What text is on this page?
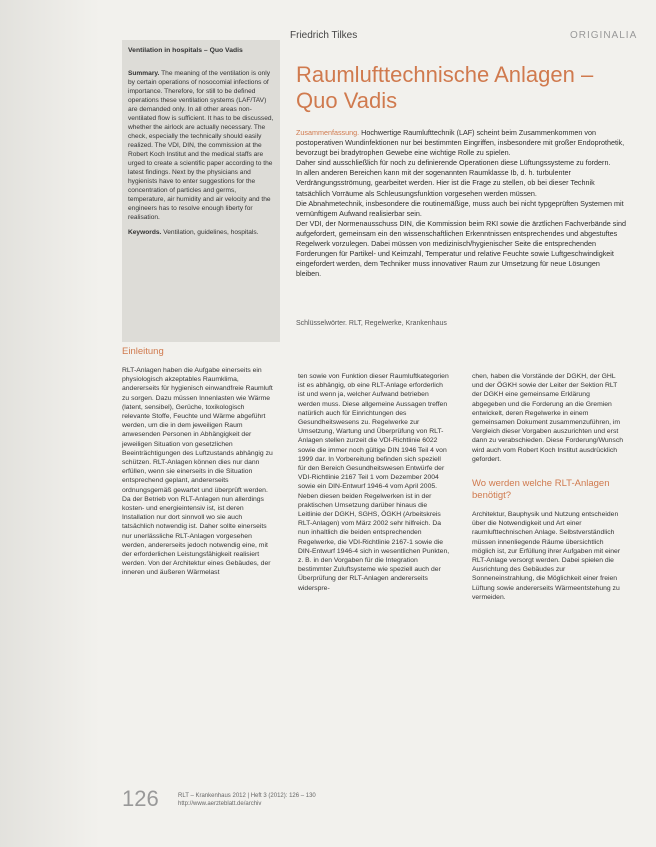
Friedrich Tilkes	ORIGINALIA
Ventilation in hospitals – Quo Vadis

Summary. The meaning of the ventilation is only by certain operations of nosocomial infections of importance. Therefore, for still to be defined operations these ventilation systems (LAF/TAV) are demanded only. In all other areas non-ventilated flow is sufficient. It has to be discussed, whether the airlock are actually necessary. The check, especially the technically should easily realized. The VDI, DIN, the commission at the Robert Koch Institut and the medical staffs are urged to create a scientific paper according to the latest findings. Next by the physicians and hygienists have to enter suggestions for the concentration of particles and germs, temperature, air humidity and air velocity and the engineers has to resolve enough liberty for realisation.

Keywords. Ventilation, guidelines, hospitals.

Raumlufttechnische Anlagen –
Quo Vadis

Zusammenfassung. Hochwertige Raumlufttechnik (LAF) scheint beim Zusammenkommen von postoperativen Wundinfektionen nur bei bestimmten Eingriffen, insbesondere mit großer Endoprothetik, bevorzugt bei bradytrophen Gewebe eine wichtige Rolle zu spielen.

Daher sind ausschließlich für noch zu definierende Operationen diese Lüftungssysteme zu fordern.

In allen anderen Bereichen kann mit der sogenannten Raumklasse Ib, d. h. turbulenter Verdrängungsströmung, gearbeitet werden. Hier ist die Frage zu stellen, ob bei dieser Technik tatsächlich Vorräume als Schleusungsfunktion vorgesehen werden müssen.

Die Abnahmetechnik, insbesondere die routinemäßige, muss auch bei nicht typgeprüften Systemen mit vernünftigem Aufwand realisierbar sein.

Der VDI, der Normenausschuss DIN, die Kommission beim RKI sowie die ärztlichen Fachverbände sind aufgefordert, gemeinsam ein den wissenschaftlichen Erkenntnissen entsprechendes und abgestuftes Regelwerk vorzulegen. Dabei müssen von medizinisch/hygienischer Seite die entsprechenden Forderungen für Partikel- und Keimzahl, Temperatur und relative Feuchte sowie Luftgeschwindigkeit eingefordert werden, dem Techniker muss innovativer Raum zur Umsetzung für neue Lösungen bleiben.

Schlüsselwörter. RLT, Regelwerke, Krankenhaus
Einleitung

RLT-Anlagen haben die Aufgabe einerseits ein physiologisch akzeptables Raumklima, andererseits für hygienisch einwandfreie Raumluft zu sorgen. Dazu müssen Innenlasten wie Wärme (latent, sensibel), Gerüche, toxikologisch relevante Stoffe, Feuchte und Wärme abgeführt werden, um die in dem jeweiligen Raum anwesenden Personen in Abhängigkeit der jeweiligen Situation von gesetzlichen Beeinträchtigungen des Luftzustands abhängig zu schützen. RLT-Anlagen können dies nur dann erfüllen, wenn sie einerseits in die Situation entsprechend geplant, andererseits ordnungsgemäß gewartet und überprüft werden. Da der Betrieb von RLT-Anlagen nun allerdings kosten- und energieintensiv ist, ist deren Installation nur dort sinnvoll wo sie auch tatsächlich notwendig ist. Daher sollte einerseits nur unerlässliche RLT-Anlagen vorgesehen werden, andererseits jedoch notwendig eine, mit der erforderlichen Leistungsfähigkeit realisiert werden. Von der Architektur eines Gebäudes, der inneren und äußeren Wärmelast

ten sowie von Funktion dieser Raumluftkategorien ist es abhängig, ob eine RLT-Anlage erforderlich ist und wenn ja, welcher Aufwand betrieben werden muss. Diese allgemeine Aussagen treffen natürlich auch für Einrichtungen des Gesundheitswesens zu. Regelwerke zur Umsetzung, Wartung und Überprüfung von RLT-Anlagen stellen zurzeit die VDI-Richtlinie 6022 sowie die immer noch gültige DIN 1946 Teil 4 von 1999 dar. In Vorbereitung befinden sich speziell für den Bereich Gesundheitswesen Entwürfe der VDI-Richtlinie 2167 Teil 1 vom Dezember 2004 sowie ein DIN-Entwurf 1946-4 vom April 2005. Neben diesen beiden Regelwerken ist in der praktischen Umsetzung darüber hinaus die Leitlinie der DGKH, SGHS, ÖGKH (Arbeitskreis RLT-Anlagen) vom März 2002 sehr hilfreich. Da nun inhaltlich die beiden entsprechenden Regelwerke, die VDI-Richtlinie 2167-1 sowie die DIN-Entwurf 1946-4 sich in wesentlichen Punkten, z. B. in den Vorgaben für die Integration bestimmter Zuluftsysteme wie speziell auch der Überprüfung der RLT-Anlagen andererseits widerspre-

chen, haben die Vorstände der DGKH, der GHL und der ÖGKH sowie der Leiter der Sektion RLT der DGKH eine gemeinsame Erklärung abgegeben und die Forderung an die Gremien entwickelt, deren Regelwerke in einem gemeinsamen Dokument zusammenzuführen, im Vergleich dieser Vorgaben auszurichten und erst dann zu verabschieden. Diese Forderung/Wunsch wird auch vom Robert Koch Institut ausdrücklich gefordert.

Wo werden welche RLT-Anlagen benötigt?

Architektur, Bauphysik und Nutzung entscheiden über die Notwendigkeit und Art einer raumlufttechnischen Anlage. Selbstverständlich müssen innenliegende Räume übersichtlich möglich ist, zur Erfüllung ihrer Aufgaben mit einer RLT-Anlage versorgt werden. Dabei spielen die Ausrichtung des Gebäudes zur Sonneneinstrahlung, die Möglichkeit einer freien Lüftung sowie andererseits Wärmeentstehung zu vermeiden.

126	RLT – Krankenhaus 2012 | Heft 3 (2012): 126 – 130
http://www.aerzteblatt.de/archiv
